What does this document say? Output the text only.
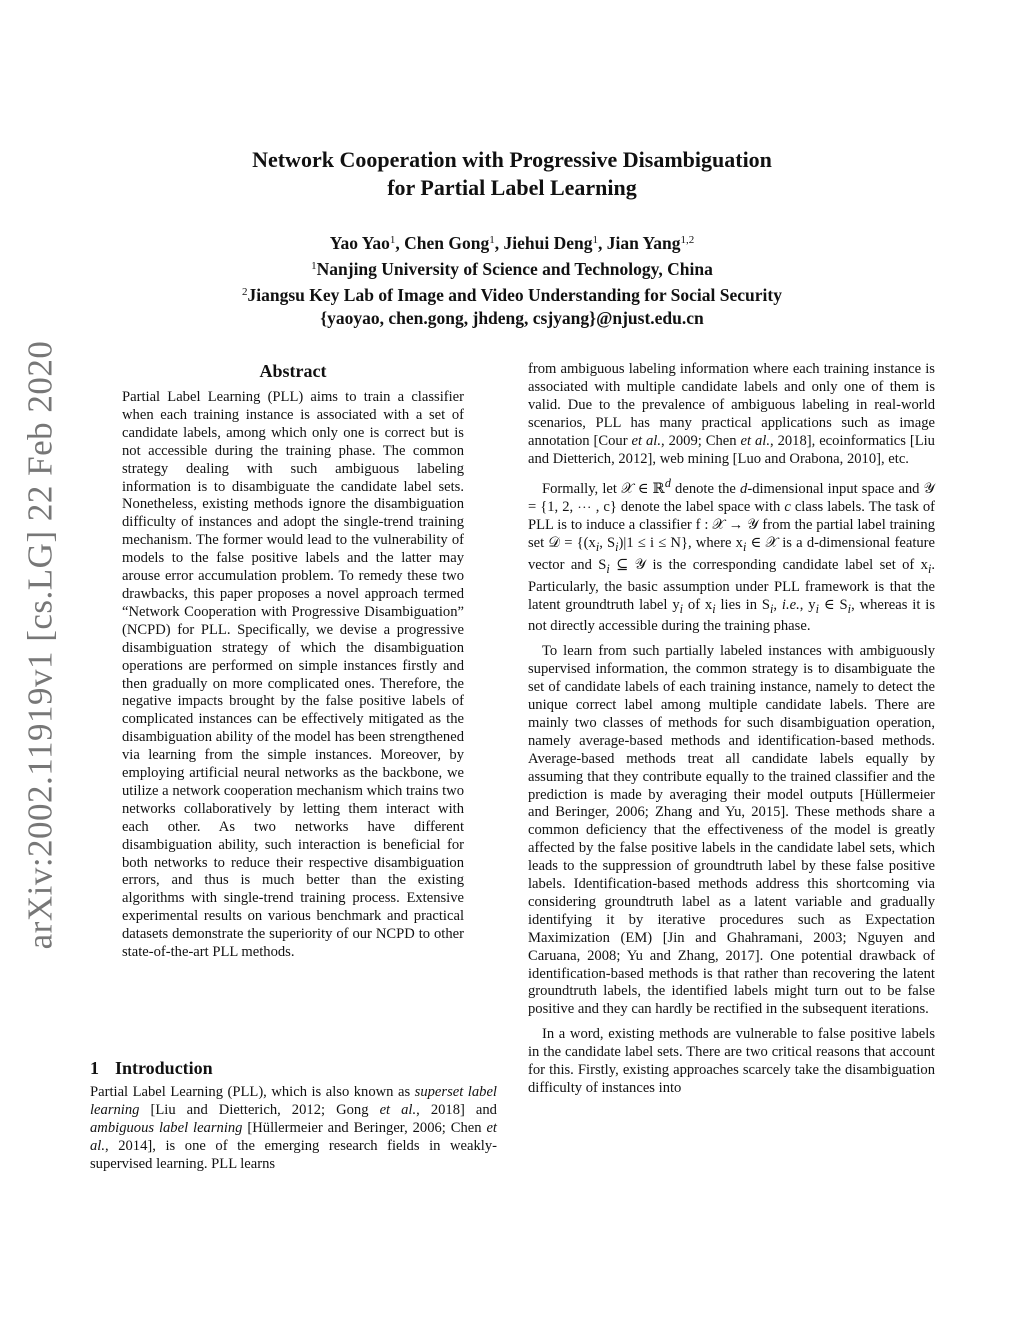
Network Cooperation with Progressive Disambiguation
for Partial Label Learning
Yao Yao$^1$, Chen Gong$^1$, Jiehui Deng$^1$, Jian Yang$^{1,2}$
$^1$Nanjing University of Science and Technology, China
$^2$Jiangsu Key Lab of Image and Video Understanding for Social Security
{yaoyao, chen.gong, jhdeng, csjyang}@njust.edu.cn
arXiv:2002.11919v1 [cs.LG] 22 Feb 2020	Abstract

Partial Label Learning (PLL) aims to train a classifier when each training instance is associated with a set of candidate labels, among which only one is correct but is not accessible during the training phase. The common strategy dealing with such ambiguous labeling information is to disambiguate the candidate label sets. Nonetheless, existing methods ignore the disambiguation difficulty of instances and adopt the single-trend training mechanism. The former would lead to the vulnerability of models to the false positive labels and the latter may arouse error accumulation problem. To remedy these two drawbacks, this paper proposes a novel approach termed “Network Cooperation with Progressive Disambiguation” (NCPD) for PLL. Specifically, we devise a progressive disambiguation strategy of which the disambiguation operations are performed on simple instances firstly and then gradually on more complicated ones. Therefore, the negative impacts brought by the false positive labels of complicated instances can be effectively mitigated as the disambiguation ability of the model has been strengthened via learning from the simple instances. Moreover, by employing artificial neural networks as the backbone, we utilize a network cooperation mechanism which trains two networks collaboratively by letting them interact with each other. As two networks have different disambiguation ability, such interaction is beneficial for both networks to reduce their respective disambiguation errors, and thus is much better than the existing algorithms with single-trend training process. Extensive experimental results on various benchmark and practical datasets demonstrate the superiority of our NCPD to other state-of-the-art PLL methods.

1 Introduction

Partial Label Learning (PLL), which is also known as superset label learning [Liu and Dietterich, 2012; Gong et al., 2018] and ambiguous label learning [Hüllermeier and Beringer, 2006; Chen et al., 2014], is one of the emerging research fields in weakly-supervised learning. PLL learns

from ambiguous labeling information where each training instance is associated with multiple candidate labels and only one of them is valid. Due to the prevalence of ambiguous labeling in real-world scenarios, PLL has many practical applications such as image annotation [Cour et al., 2009; Chen et al., 2018], ecoinformatics [Liu and Dietterich, 2012], web mining [Luo and Orabona, 2010], etc.

Formally, let 𝒳 ∈ ℝ$^d$ denote the d-dimensional input space and 𝒴 = {1, 2, ⋯ , c} denote the label space with c class labels. The task of PLL is to induce a classifier f : 𝒳 → 𝒴 from the partial label training set 𝒟 = {($x_i$, $S_i)|1 \le i \le N$}, where $x_i$ ∈ 𝒳 is a d-dimensional feature vector and $S_i$ ⊆ 𝒴 is the corresponding candidate label set of $x_i$. Particularly, the basic assumption under PLL framework is that the latent groundtruth label $y_i$ of $x_i$ lies in $S_i$, i.e., $y_i$ ∈ $S_i$, whereas it is not directly accessible during the training phase.

To learn from such partially labeled instances with ambiguously supervised information, the common strategy is to disambiguate the set of candidate labels of each training instance, namely to detect the unique correct label among multiple candidate labels. There are mainly two classes of methods for such disambiguation operation, namely average-based methods and identification-based methods. Average-based methods treat all candidate labels equally by assuming that they contribute equally to the trained classifier and the prediction is made by averaging their model outputs [Hüllermeier and Beringer, 2006; Zhang and Yu, 2015]. These methods share a common deficiency that the effectiveness of the model is greatly affected by the false positive labels in the candidate label sets, which leads to the suppression of groundtruth label by these false positive labels. Identification-based methods address this shortcoming via considering groundtruth label as a latent variable and gradually identifying it by iterative procedures such as Expectation Maximization (EM) [Jin and Ghahramani, 2003; Nguyen and Caruana, 2008; Yu and Zhang, 2017]. One potential drawback of identification-based methods is that rather than recovering the latent groundtruth labels, the identified labels might turn out to be false positive and they can hardly be rectified in the subsequent iterations.

In a word, existing methods are vulnerable to false positive labels in the candidate label sets. There are two critical reasons that account for this. Firstly, existing approaches scarcely take the disambiguation difficulty of instances into
